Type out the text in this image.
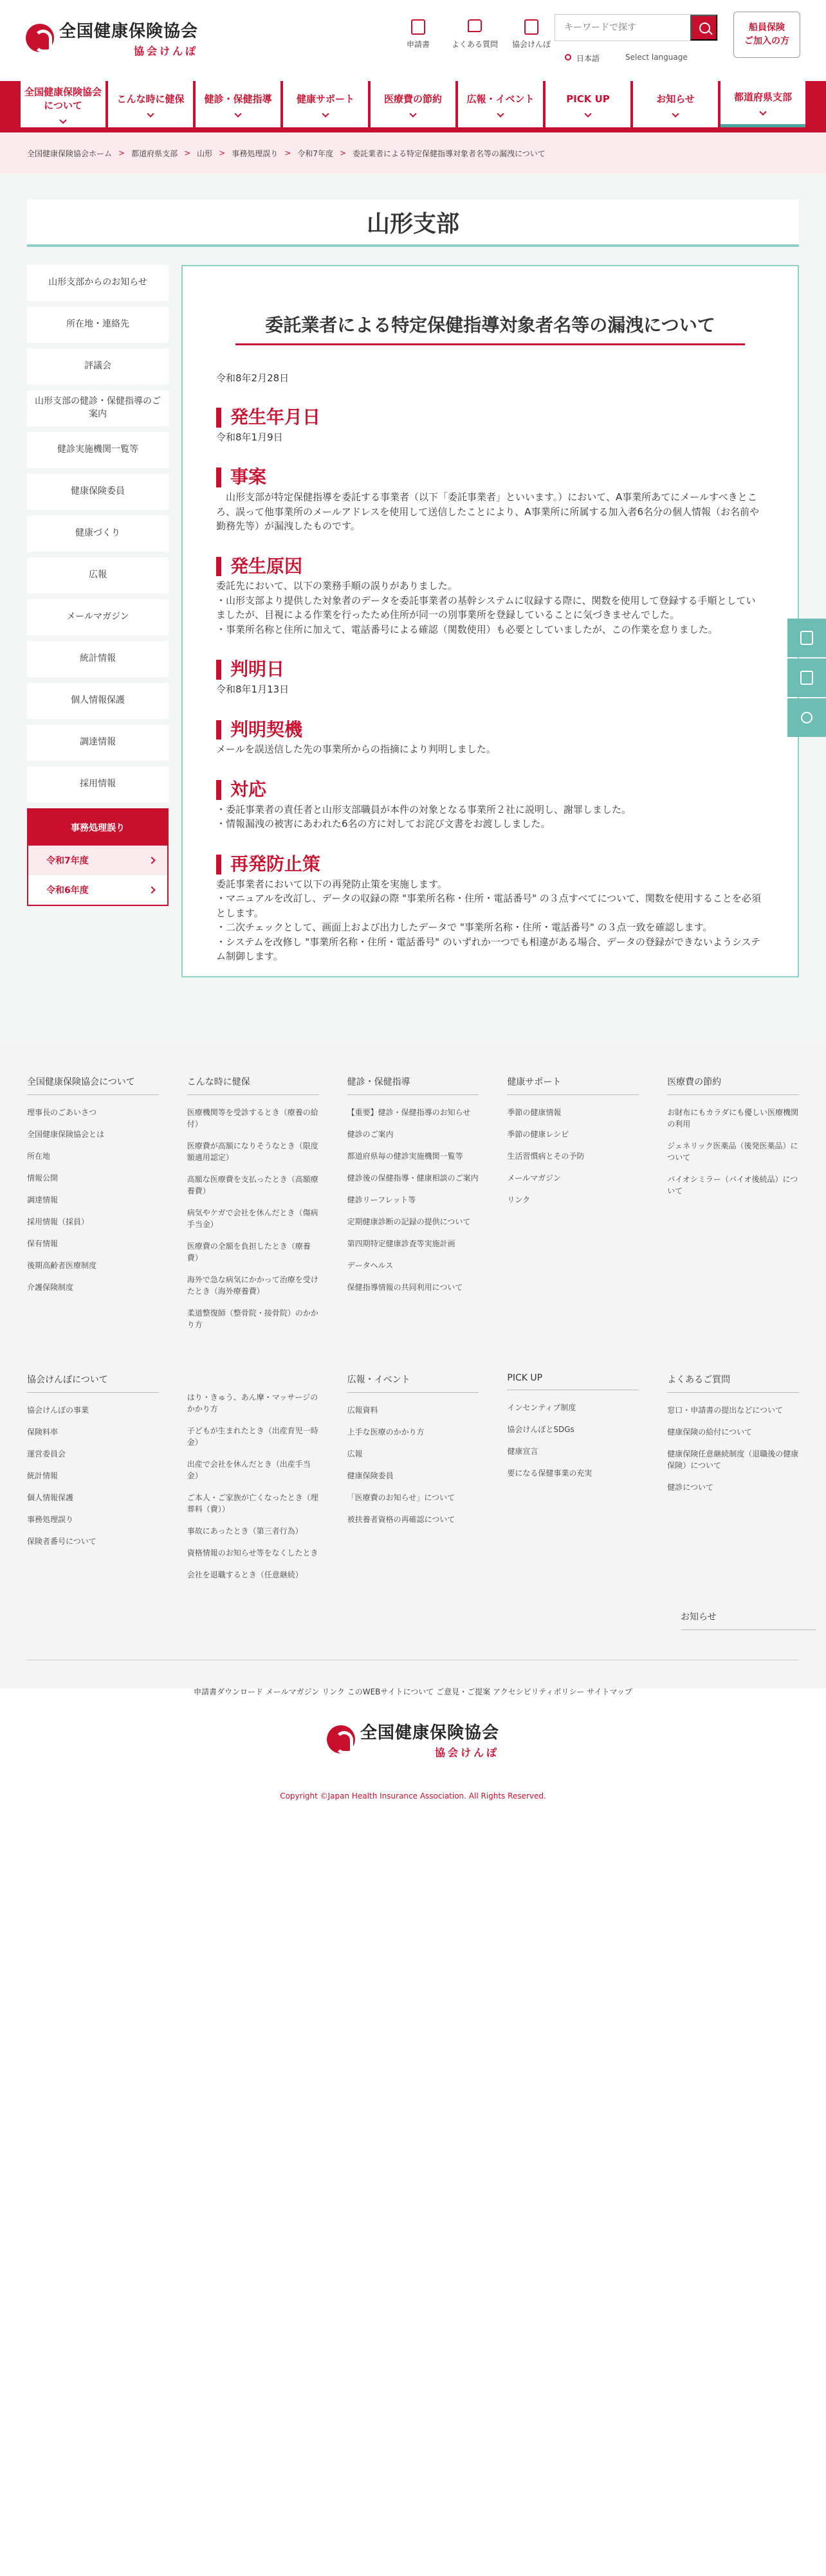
全国健康保険協会
協会けんぽ
申請書	よくある質問	協会けんぽ
キーワードで探す
日本語	Select language
船員保険
ご加入の方
全国健康保険協会について
こんな時に健保 健診・保健指導	健康サポート	医療費の節約	広報・イベント	PICK UP	お知らせ	都道府県支部
全国健康保険協会ホーム > 都道府県支部 > 山形 > 事務処理誤り > 令和7年度 > 委託業者による特定保健指導対象者名等の漏洩について
山形支部
山形支部からのお知らせ
所在地・連絡先
評議会
山形支部の健診・保健指導のご案内
健診実施機関一覧等
健康保険委員
健康づくり
広報
メールマガジン
統計情報
個人情報保護
調達情報
採用情報
事務処理誤り
令和7年度
令和6年度
委託業者による特定保健指導対象者名等の漏洩について

令和8年2月28日

発生年月日

令和8年1月9日

事案

　山形支部が特定保健指導を委託する事業者（以下「委託事業者」といいます。）において、A事業所あてにメールすべきところ、誤って他事業所のメールアドレスを使用して送信したことにより、A事業所に所属する加入者6名分の個人情報（お名前や勤務先等）が漏洩したものです。

発生原因

委託先において、以下の業務手順の誤りがありました。

・山形支部より提供した対象者のデータを委託事業者の基幹システムに収録する際に、関数を使用して登録する手順としていましたが、目視による作業を行ったため住所が同一の別事業所を登録していることに気づきませんでした。

・事業所名称と住所に加えて、電話番号による確認（関数使用）も必要としていましたが、この作業を怠りました。

判明日

令和8年1月13日

判明契機

メールを誤送信した先の事業所からの指摘により判明しました。

対応

・委託事業者の責任者と山形支部職員が本件の対象となる事業所２社に説明し、謝罪しました。

・情報漏洩の被害にあわれた6名の方に対してお詫び文書をお渡ししました。

再発防止策

委託事業者において以下の再発防止策を実施します。

・マニュアルを改訂し、データの収録の際 "事業所名称・住所・電話番号" の３点すべてについて、関数を使用することを必須とします。

・二次チェックとして、画面上および出力したデータで "事業所名称・住所・電話番号" の３点一致を確認します。

・システムを改修し "事業所名称・住所・電話番号" のいずれか一つでも相違がある場合、データの登録ができないようシステム制御します。

全国健康保険協会について
理事長のごあいさつ
全国健康保険協会とは
所在地
情報公開
調達情報
採用情報（採員）
保有情報
後期高齢者医療制度
介護保険制度
こんな時に健保
医療機関等を受診するとき（療養の給付）
医療費が高額になりそうなとき（限度額適用認定）
高額な医療費を支払ったとき（高額療養費）
病気やケガで会社を休んだとき（傷病手当金）
医療費の全額を負担したとき（療養費）
海外で急な病気にかかって治療を受けたとき（海外療養費）
柔道整復師（整骨院・接骨院）のかかり方
健診・保健指導
【重要】健診・保健指導のお知らせ
健診のご案内
都道府県毎の健診実施機関一覧等
健診後の保健指導・健康相談のご案内
健診リーフレット等
定期健康診断の記録の提供について
第四期特定健康診査等実施計画
データヘルス
保健指導情報の共同利用について
健康サポート
季節の健康情報
季節の健康レシピ
生活習慣病とその予防
メールマガジン
リンク
医療費の節約
お財布にもカラダにも優しい医療機関の利用
ジェネリック医薬品（後発医薬品）について
バイオシミラー（バイオ後続品）について
協会けんぽについて
協会けんぽの事業
保険料率
運営委員会
統計情報
個人情報保護
事務処理誤り
保険者番号について
はり・きゅう、あん摩・マッサージのかかり方
子どもが生まれたとき（出産育児一時金）
出産で会社を休んだとき（出産手当金）
ご本人・ご家族が亡くなったとき（埋葬料（費））
事故にあったとき（第三者行為）
資格情報のお知らせ等をなくしたとき
会社を退職するとき（任意継続）
広報・イベント
広報資料
上手な医療のかかり方
広報
健康保険委員
「医療費のお知らせ」について
被扶養者資格の再確認について
PICK UP
インセンティブ制度
協会けんぽとSDGs
健康宣言
要になる保健事業の充実
よくあるご質問
窓口・申請書の提出などについて
健康保険の給付について
健康保険任意継続制度（退職後の健康保険）について
健診について
お知らせ
申請書ダウンロード メールマガジン リンク このWEBサイトについて ご意見・ご提案 アクセシビリティポリシー サイトマップ
全国健康保険協会
協会けんぽ

Copyright ©Japan Health Insurance Association. All Rights Reserved.
